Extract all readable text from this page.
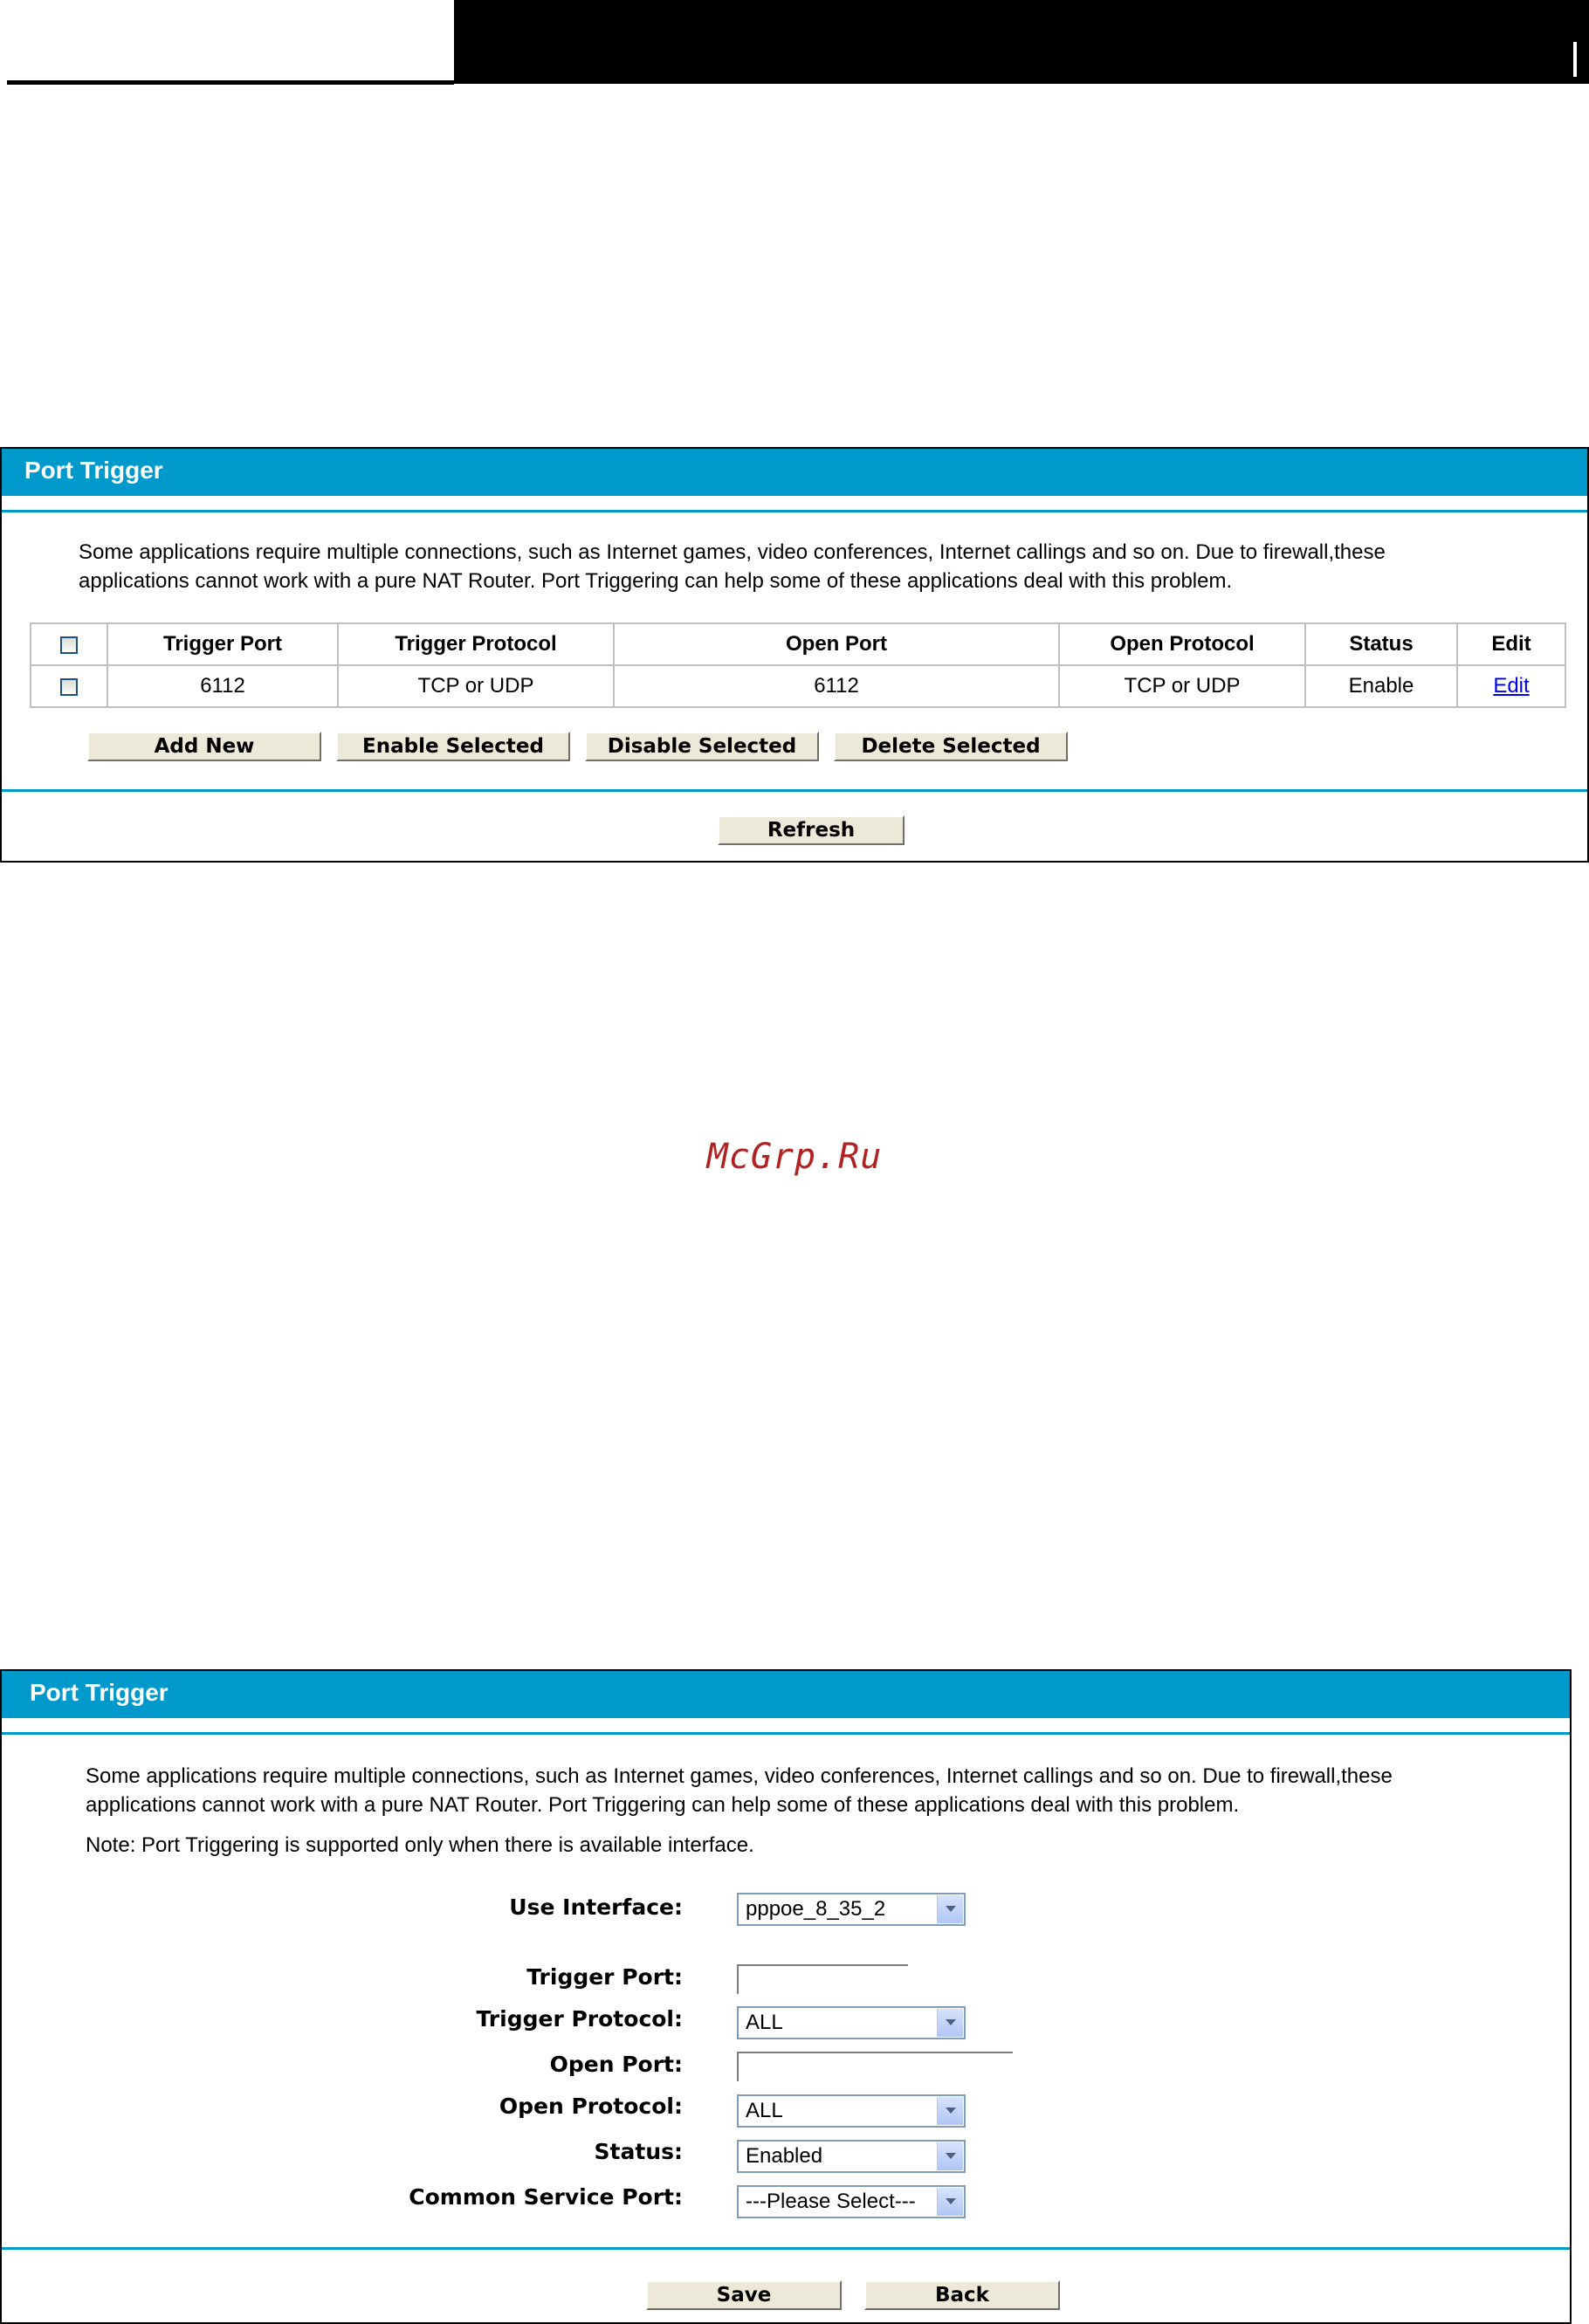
Port Trigger
Some applications require multiple connections, such as Internet games, video conferences, Internet callings and so on. Due to firewall,these
applications cannot work with a pure NAT Router. Port Triggering can help some of these applications deal with this problem.
	Trigger Port	Trigger Protocol	Open Port	Open Protocol	Status	Edit
	6112	TCP or UDP	6112	TCP or UDP	Enable	Edit
Add New	Enable Selected	Disable Selected	Delete Selected
Refresh
McGrp.Ru
Port Trigger
Some applications require multiple connections, such as Internet games, video conferences, Internet callings and so on. Due to firewall,these
applications cannot work with a pure NAT Router. Port Triggering can help some of these applications deal with this problem.
Note: Port Triggering is supported only when there is available interface.
Use Interface:	pppoe_8_35_2
Trigger Port:
Trigger Protocol:	ALL
Open Port:
Open Protocol:	ALL
Status:	Enabled
Common Service Port:	---Please Select---
Save	Back
